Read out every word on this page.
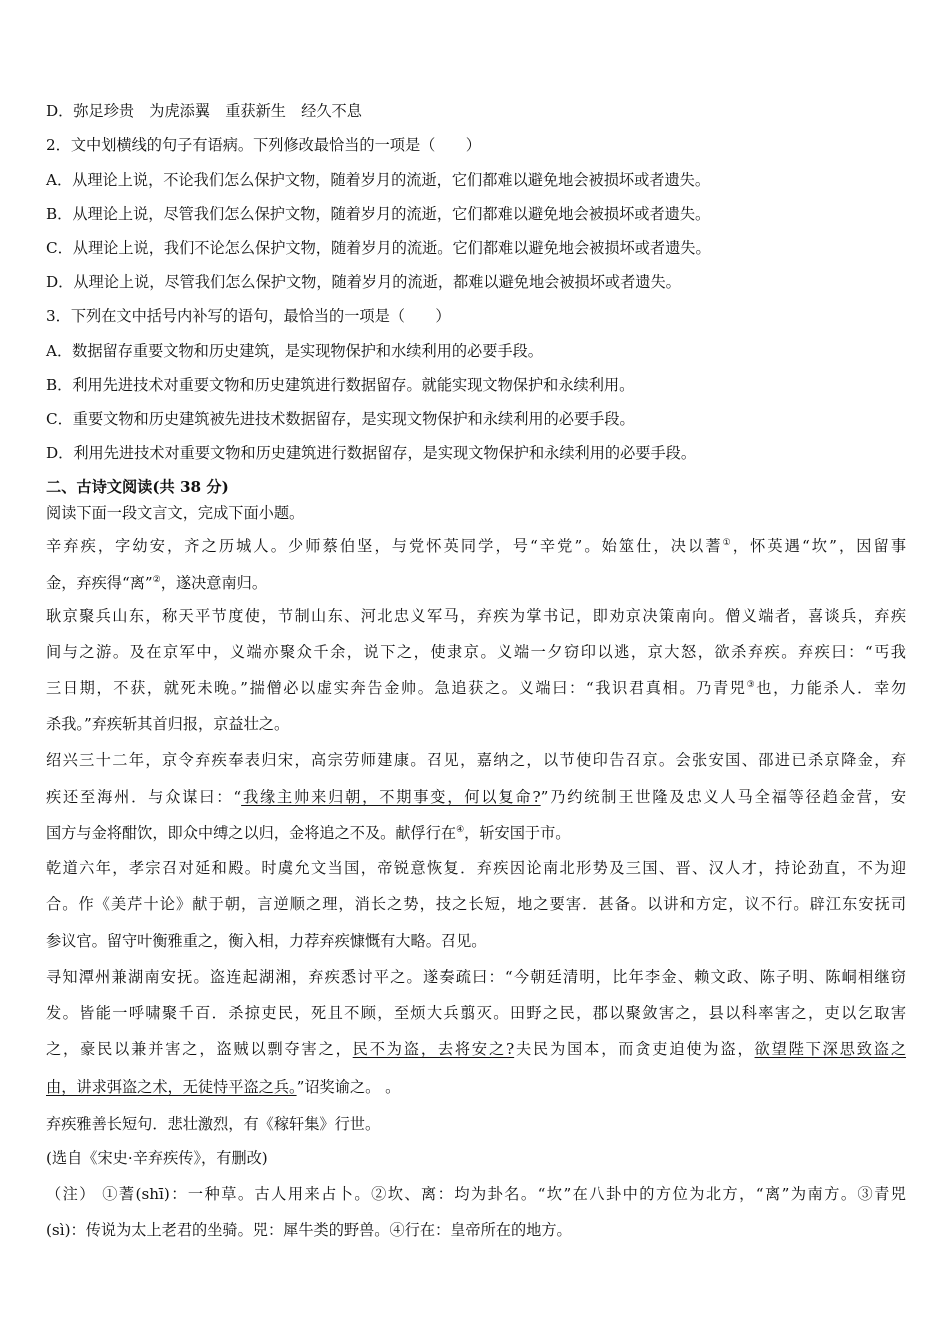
D．弥足珍贵　为虎添翼　重获新生　经久不息
2．文中划横线的句子有语病。下列修改最恰当的一项是（　　）
A．从理论上说，不论我们怎么保护文物，随着岁月的流逝，它们都难以避免地会被损坏或者遗失。
B．从理论上说，尽管我们怎么保护文物，随着岁月的流逝，它们都难以避免地会被损坏或者遗失。
C．从理论上说，我们不论怎么保护文物，随着岁月的流逝。它们都难以避免地会被损坏或者遗失。
D．从理论上说，尽管我们怎么保护文物，随着岁月的流逝，都难以避免地会被损坏或者遗失。
3．下列在文中括号内补写的语句，最恰当的一项是（　　）
A．数据留存重要文物和历史建筑，是实现物保护和水续利用的必要手段。
B．利用先进技术对重要文物和历史建筑进行数据留存。就能实现文物保护和永续利用。
C．重要文物和历史建筑被先进技术数据留存，是实现文物保护和永续利用的必要手段。
D．利用先进技术对重要文物和历史建筑进行数据留存，是实现文物保护和永续利用的必要手段。
二、古诗文阅读(共 38 分)
阅读下面一段文言文，完成下面小题。
辛弃疾，字幼安，齐之历城人。少师蔡伯坚，与党怀英同学，号“辛党”。始筮仕，决以蓍①，怀英遇“坎”，因留事
金，弃疾得“离”②，遂决意南归。
耿京聚兵山东，称天平节度使，节制山东、河北忠义军马，弃疾为掌书记，即劝京决策南向。僧义端者，喜谈兵，弃疾
间与之游。及在京军中，义端亦聚众千余，说下之，使隶京。义端一夕窃印以逃，京大怒，欲杀弃疾。弃疾曰：“丐我
三日期，不获，就死未晚。”揣僧必以虚实奔告金帅。急追获之。义端曰：“我识君真相。乃青兕③也，力能杀人．幸勿
杀我。”弃疾斩其首归报，京益壮之。
绍兴三十二年，京令弃疾奉表归宋，高宗劳师建康。召见，嘉纳之，以节使印告召京。会张安国、邵进已杀京降金，弃
疾还至海州．与众谋曰：“我缘主帅来归朝，不期事变，何以复命?”乃约统制王世隆及忠义人马全福等径趋金营，安
国方与金将酣饮，即众中缚之以归，金将追之不及。献俘行在④，斩安国于市。
乾道六年，孝宗召对延和殿。时虞允文当国，帝锐意恢复．弃疾因论南北形势及三国、晋、汉人才，持论劲直，不为迎
合。作《美芹十论》献于朝，言逆顺之理，消长之势，技之长短，地之要害．甚备。以讲和方定，议不行。辟江东安抚司
参议官。留守叶衡雅重之，衡入相，力荐弃疾慷慨有大略。召见。
寻知潭州兼湖南安抚。盗连起湖湘，弃疾悉讨平之。遂奏疏曰：“今朝廷清明，比年李金、赖文政、陈子明、陈峒相继窃
发。皆能一呼啸聚千百．杀掠吏民，死且不顾，至烦大兵翦灭。田野之民，郡以聚敛害之，县以科率害之，吏以乞取害
之，豪民以兼并害之，盗贼以剽夺害之，民不为盗，去将安之?夫民为国本，而贪吏迫使为盗，欲望陛下深思致盗之
由，讲求弭盗之术，无徒恃平盗之兵。”诏奖谕之。 。
弃疾雅善长短句．悲壮激烈，有《稼轩集》行世。
(选自《宋史·辛弃疾传》，有删改)
（注） ①蓍(shī)：一种草。古人用来占卜。②坎、离：均为卦名。“坎”在八卦中的方位为北方，“离”为南方。③青兕
(sì)：传说为太上老君的坐骑。兕：犀牛类的野兽。④行在：皇帝所在的地方。
